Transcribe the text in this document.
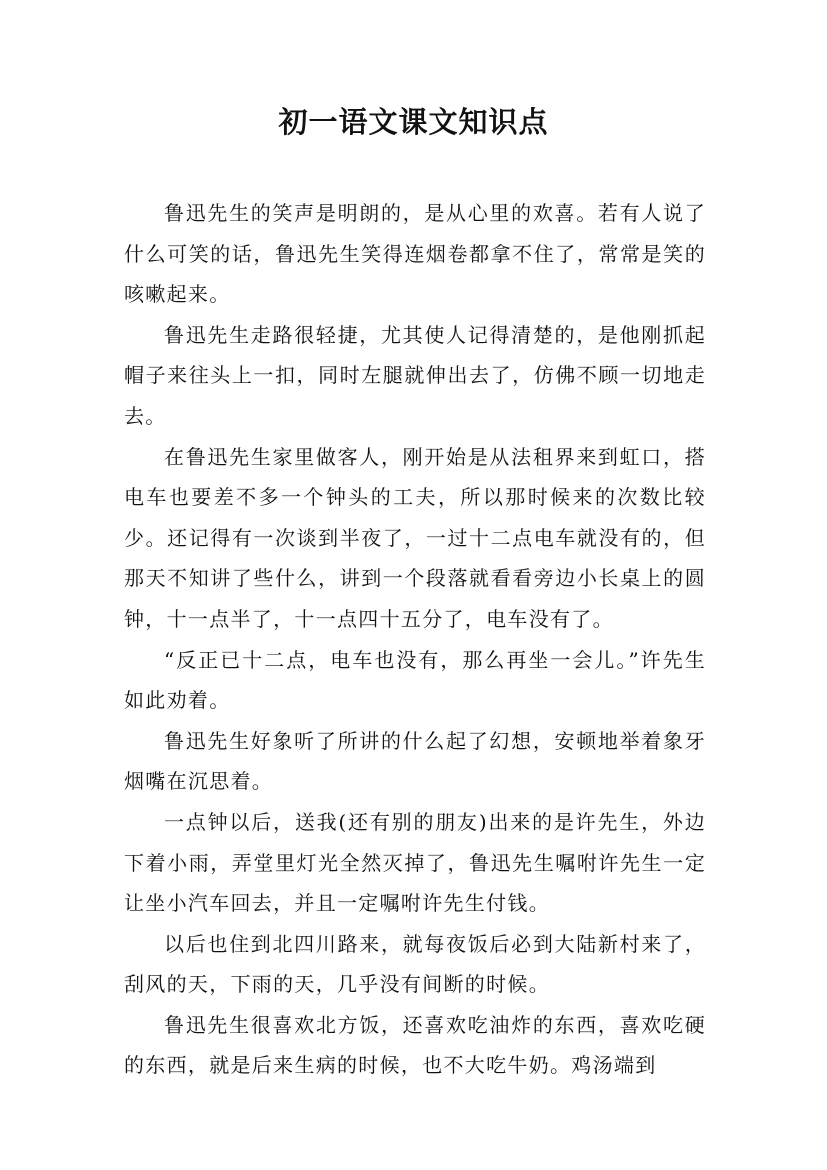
初一语文课文知识点

鲁迅先生的笑声是明朗的，是从心里的欢喜。若有人说了什么可笑的话，鲁迅先生笑得连烟卷都拿不住了，常常是笑的咳嗽起来。

鲁迅先生走路很轻捷，尤其使人记得清楚的，是他刚抓起帽子来往头上一扣，同时左腿就伸出去了，仿佛不顾一切地走去。

在鲁迅先生家里做客人，刚开始是从法租界来到虹口，搭电车也要差不多一个钟头的工夫，所以那时候来的次数比较少。还记得有一次谈到半夜了，一过十二点电车就没有的，但那天不知讲了些什么，讲到一个段落就看看旁边小长桌上的圆钟，十一点半了，十一点四十五分了，电车没有了。

“反正已十二点，电车也没有，那么再坐一会儿。”许先生如此劝着。

鲁迅先生好象听了所讲的什么起了幻想，安顿地举着象牙烟嘴在沉思着。

一点钟以后，送我(还有别的朋友)出来的是许先生，外边下着小雨，弄堂里灯光全然灭掉了，鲁迅先生嘱咐许先生一定让坐小汽车回去，并且一定嘱咐许先生付钱。

以后也住到北四川路来，就每夜饭后必到大陆新村来了，刮风的天，下雨的天，几乎没有间断的时候。

鲁迅先生很喜欢北方饭，还喜欢吃油炸的东西，喜欢吃硬的东西，就是后来生病的时候，也不大吃牛奶。鸡汤端到
